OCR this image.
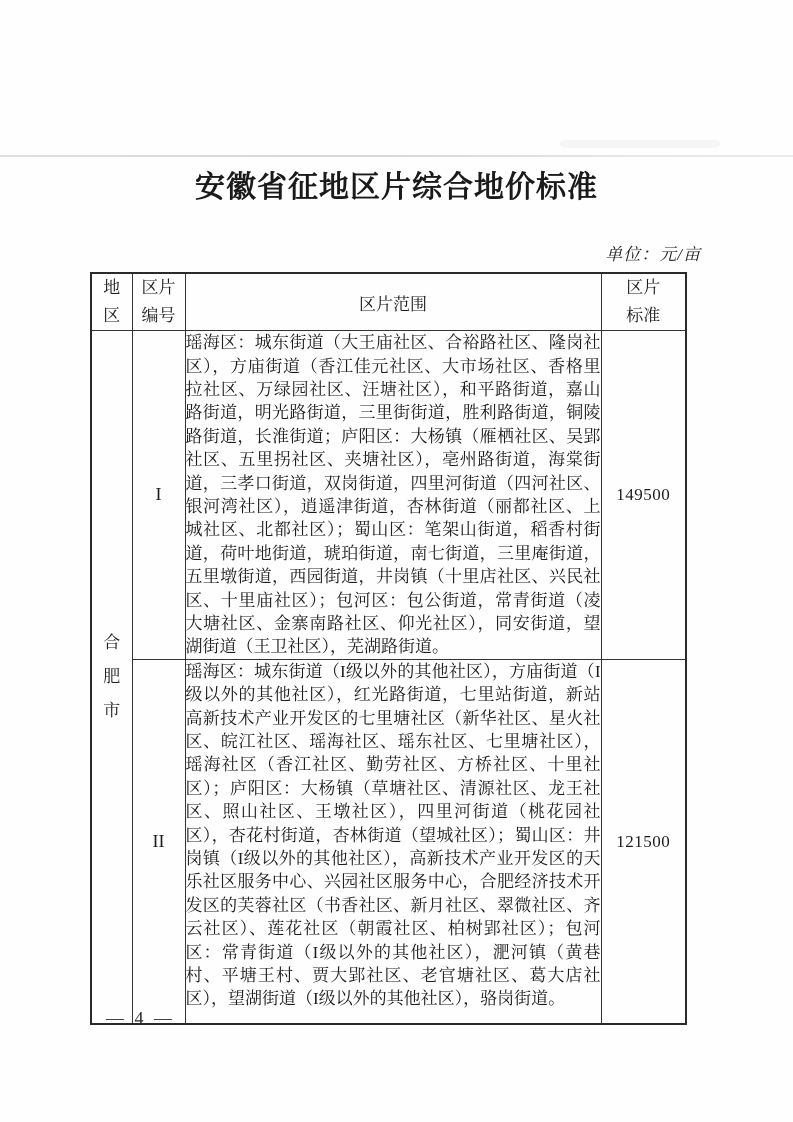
安徽省征地区片综合地价标准
单位：元/亩
地区	区片编号	区片范围	区片标准
合肥市	I	瑶海区：城东街道（大王庙社区、合裕路社区、隆岗社区），方庙街道（香江佳元社区、大市场社区、香格里拉社区、万绿园社区、汪塘社区），和平路街道，嘉山路街道，明光路街道，三里街街道，胜利路街道，铜陵路街道，长淮街道；庐阳区：大杨镇（雁栖社区、吴郢社区、五里拐社区、夹塘社区），亳州路街道，海棠街道，三孝口街道，双岗街道，四里河街道（四河社区、银河湾社区），逍遥津街道，杏林街道（丽都社区、上城社区、北都社区）；蜀山区：笔架山街道，稻香村街道，荷叶地街道，琥珀街道，南七街道，三里庵街道，五里墩街道，西园街道，井岗镇（十里店社区、兴民社区、十里庙社区）；包河区：包公街道，常青街道（凌大塘社区、金寨南路社区、仰光社区），同安街道，望湖街道（王卫社区），芜湖路街道。	149500
	II	瑶海区：城东街道（I级以外的其他社区），方庙街道（I级以外的其他社区），红光路街道，七里站街道，新站高新技术产业开发区的七里塘社区（新华社区、星火社区、皖江社区、瑶海社区、瑶东社区、七里塘社区），瑶海社区（香江社区、勤劳社区、方桥社区、十里社区）；庐阳区：大杨镇（草塘社区、清源社区、龙王社区、照山社区、王墩社区），四里河街道（桃花园社区），杏花村街道，杏林街道（望城社区）；蜀山区：井岗镇（I级以外的其他社区），高新技术产业开发区的天乐社区服务中心、兴园社区服务中心，合肥经济技术开发区的芙蓉社区（书香社区、新月社区、翠微社区、齐云社区）、莲花社区（朝霞社区、柏树郢社区）；包河区：常青街道（I级以外的其他社区），淝河镇（黄巷村、平塘王村、贾大郢社区、老官塘社区、葛大店社区），望湖街道（I级以外的其他社区），骆岗街道。	121500
— 4 —
